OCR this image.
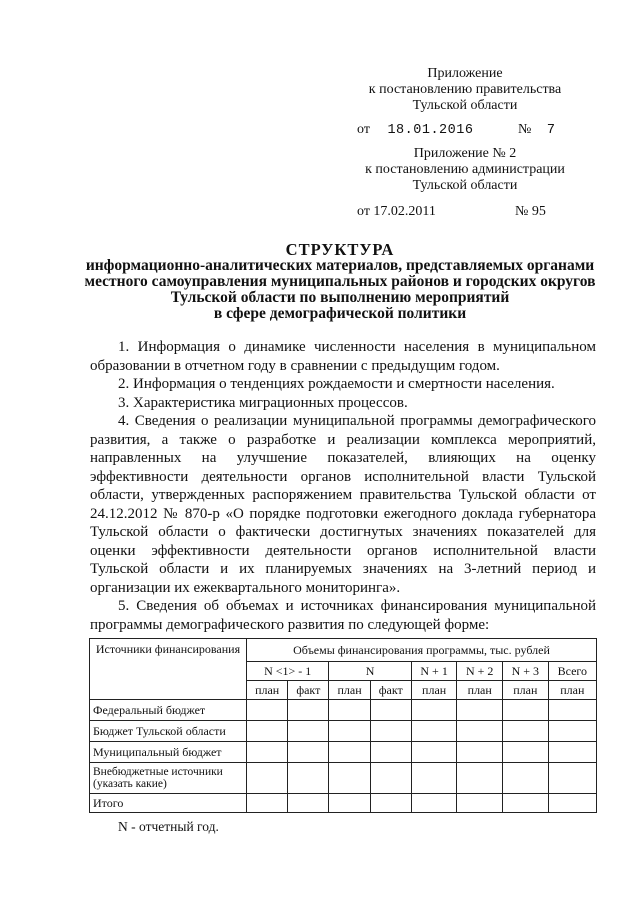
Приложение
к постановлению правительства
Тульской области
от 18.01.2016	№ 7
Приложение № 2
к постановлению администрации
Тульской области
от 17.02.2011	№ 95
СТРУКТУРА
информационно-аналитических материалов, представляемых органами
местного самоуправления муниципальных районов и городских округов
Тульской области по выполнению мероприятий
в сфере демографической политики

1. Информация о динамике численности населения в муниципальном образовании в отчетном году в сравнении с предыдущим годом.

2. Информация о тенденциях рождаемости и смертности населения.

3. Характеристика миграционных процессов.

4. Сведения о реализации муниципальной программы демографического развития, а также о разработке и реализации комплекса мероприятий, направленных на улучшение показателей, влияющих на оценку эффективности деятельности органов исполнительной власти Тульской области, утвержденных распоряжением правительства Тульской области от 24.12.2012 № 870-р «О порядке подготовки ежегодного доклада губернатора Тульской области о фактически достигнутых значениях показателей для оценки эффективности деятельности органов исполнительной власти Тульской области и их планируемых значениях на 3-летний период и организации их ежеквартального мониторинга».

5. Сведения об объемах и источниках финансирования муниципальной программы демографического развития по следующей форме:

Источники финансирования	Объемы финансирования программы, тыс. рублей							
	N <1> - 1		N		N + 1	N + 2	N + 3	Всего
	план	факт	план	факт	план	план	план	план
Федеральный бюджет								
Бюджет Тульской области								
Муниципальный бюджет								
Внебюджетные источники (указать какие)								
Итого								
N - отчетный год.
